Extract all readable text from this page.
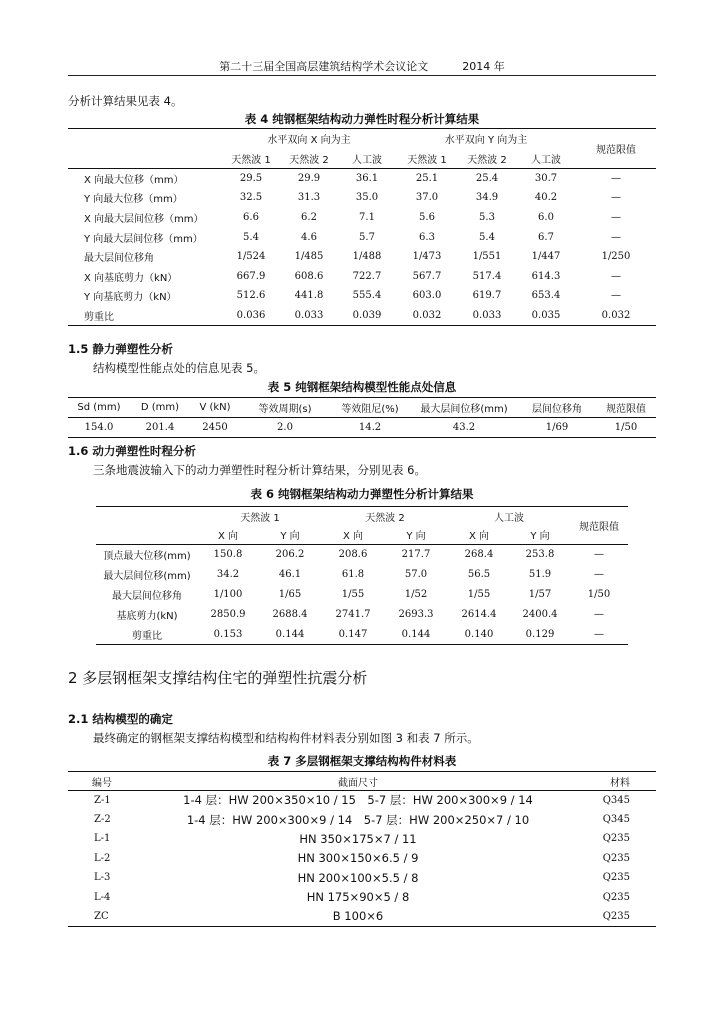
第二十三届全国高层建筑结构学术会议论文	2014 年
分析计算结果见表 4。
表 4 纯钢框架结构动力弹性时程分析计算结果
	水平双向 X 向为主			水平双向 Y 向为主			规范限值
	天然波 1	天然波 2	人工波	天然波 1	天然波 2	人工波	
X 向最大位移（mm）	29.5	29.9	36.1	25.1	25.4	30.7	—
Y 向最大位移（mm）	32.5	31.3	35.0	37.0	34.9	40.2	—
X 向最大层间位移（mm）	6.6	6.2	7.1	5.6	5.3	6.0	—
Y 向最大层间位移（mm）	5.4	4.6	5.7	6.3	5.4	6.7	—
最大层间位移角	1/524	1/485	1/488	1/473	1/551	1/447	1/250
X 向基底剪力（kN）	667.9	608.6	722.7	567.7	517.4	614.3	—
Y 向基底剪力（kN）	512.6	441.8	555.4	603.0	619.7	653.4	—
剪重比	0.036	0.033	0.039	0.032	0.033	0.035	0.032
1.5 静力弹塑性分析
结构模型性能点处的信息见表 5。
表 5 纯钢框架结构模型性能点处信息
Sd (mm)	D (mm)	V (kN)	等效周期(s)	等效阻尼(%)	最大层间位移(mm)	层间位移角	规范限值
154.0	201.4	2450	2.0	14.2	43.2	1/69	1/50
1.6 动力弹塑性时程分析
三条地震波输入下的动力弹塑性时程分析计算结果，分别见表 6。
表 6 纯钢框架结构动力弹塑性分析计算结果
	天然波 1		天然波 2		人工波		规范限值
	X 向	Y 向	X 向	Y 向	X 向	Y 向	
顶点最大位移(mm)	150.8	206.2	208.6	217.7	268.4	253.8	—
最大层间位移(mm)	34.2	46.1	61.8	57.0	56.5	51.9	—
最大层间位移角	1/100	1/65	1/55	1/52	1/55	1/57	1/50
基底剪力(kN)	2850.9	2688.4	2741.7	2693.3	2614.4	2400.4	—
剪重比	0.153	0.144	0.147	0.144	0.140	0.129	—
2 多层钢框架支撑结构住宅的弹塑性抗震分析
2.1 结构模型的确定
最终确定的钢框架支撑结构模型和结构构件材料表分别如图 3 和表 7 所示。
表 7 多层钢框架支撑结构构件材料表
编号	截面尺寸	材料
Z-1	1-4 层：HW 200×350×10 / 15　5-7 层：HW 200×300×9 / 14	Q345
Z-2	1-4 层：HW 200×300×9 / 14　5-7 层：HW 200×250×7 / 10	Q345
L-1	HN 350×175×7 / 11	Q235
L-2	HN 300×150×6.5 / 9	Q235
L-3	HN 200×100×5.5 / 8	Q235
L-4	HN 175×90×5 / 8	Q235
ZC	B 100×6	Q235
